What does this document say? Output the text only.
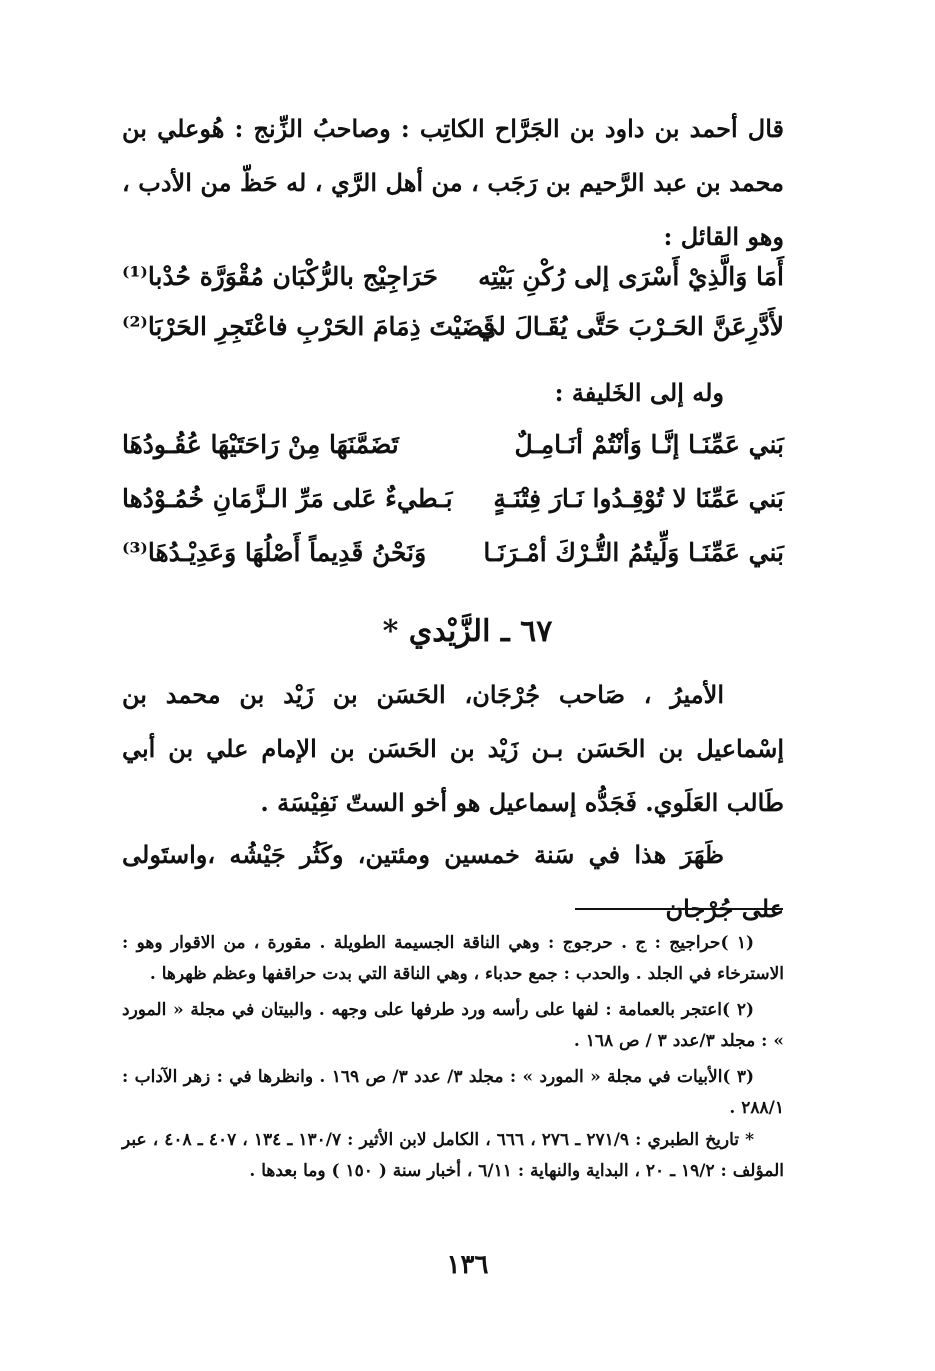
قال أحمد بن داود بن الجَرَّاح الكاتِب : وصاحبُ الزِّنج : هُوعلي بن محمد بن عبد الرَّحيم بن رَجَب ، من أهل الرَّي ، له حَظّ من الأدب ، وهو القائل :
أَمَا وَالَّذِيْ أَسْرَى إلى رُكْنِ بَيْتِه
حَرَاجِيْج بالرُّكْبَان مُقْوَرَّة حُدْبا⁽¹⁾
لأَدَّرِعَنَّ الحَـرْبَ حَتَّى يُقَـالَ لي
قَضَيْتَ ذِمَامَ الحَرْبِ فاعْتَجِرِ الحَرْبَا⁽²⁾
وله إلى الخَليفة :
بَني عَمِّنَـا إنَّـا وَأنْتُمْ أنَـامِـلٌ
تَضَمَّنَهَا مِنْ رَاحَتَيْهَا عُقُـودُهَا
بَني عَمِّنَا لا تُوْقِـدُوا نَـارَ فِتْنَـةٍ
بَـطيءٌ عَلى مَرِّ الـزَّمَانِ خُمُـوْدُها
بَني عَمِّنَـا وَلِّيتُمُ التُّـرْكَ أمْـرَنَـا
وَنَحْنُ قَدِيماً أَصْلُهَا وَعَدِيْـدُهَا⁽³⁾
٦٧ ـ الزَّيْدي *
الأميرُ ، صَاحب جُرْجَان، الحَسَن بن زَيْد بن محمد بن إسْماعيل بن الحَسَن بـن زَيْد بن الحَسَن بن الإمام علي بن أبي طَالب العَلَوي. فَجَدُّه إسماعيل هو أخو الستّ نَفِيْسَة .
ظَهَرَ هذا في سَنة خمسين ومئتين، وكَثُر جَيْشُه ،واستَولى على جُرْجان
(١ )حراجيج : ج . حرجوج : وهي الناقة الجسيمة الطويلة . مقورة ، من الاقوار وهو : الاسترخاء في الجلد . والحدب : جمع حدباء ، وهي الناقة التي بدت حراقفها وعظم ظهرها .
(٢ )اعتجر بالعمامة : لفها على رأسه ورد طرفها على وجهه . والبيتان في مجلة « المورد » : مجلد ٣/عدد ٣ / ص ١٦٨ .
(٣ )الأبيات في مجلة « المورد » : مجلد ٣/ عدد ٣/ ص ١٦٩ . وانظرها في : زهر الآداب : ٢٨٨/١ .
* تاريخ الطبري : ٢٧١/٩ ـ ٢٧٦ ، ٦٦٦ ، الكامل لابن الأثير : ١٣٠/٧ ـ ١٣٤ ، ٤٠٧ ـ ٤٠٨ ، عبر المؤلف : ١٩/٢ ـ ٢٠ ، البداية والنهاية : ٦/١١ ، أخبار سنة ( ١٥٠ ) وما بعدها .
١٣٦
